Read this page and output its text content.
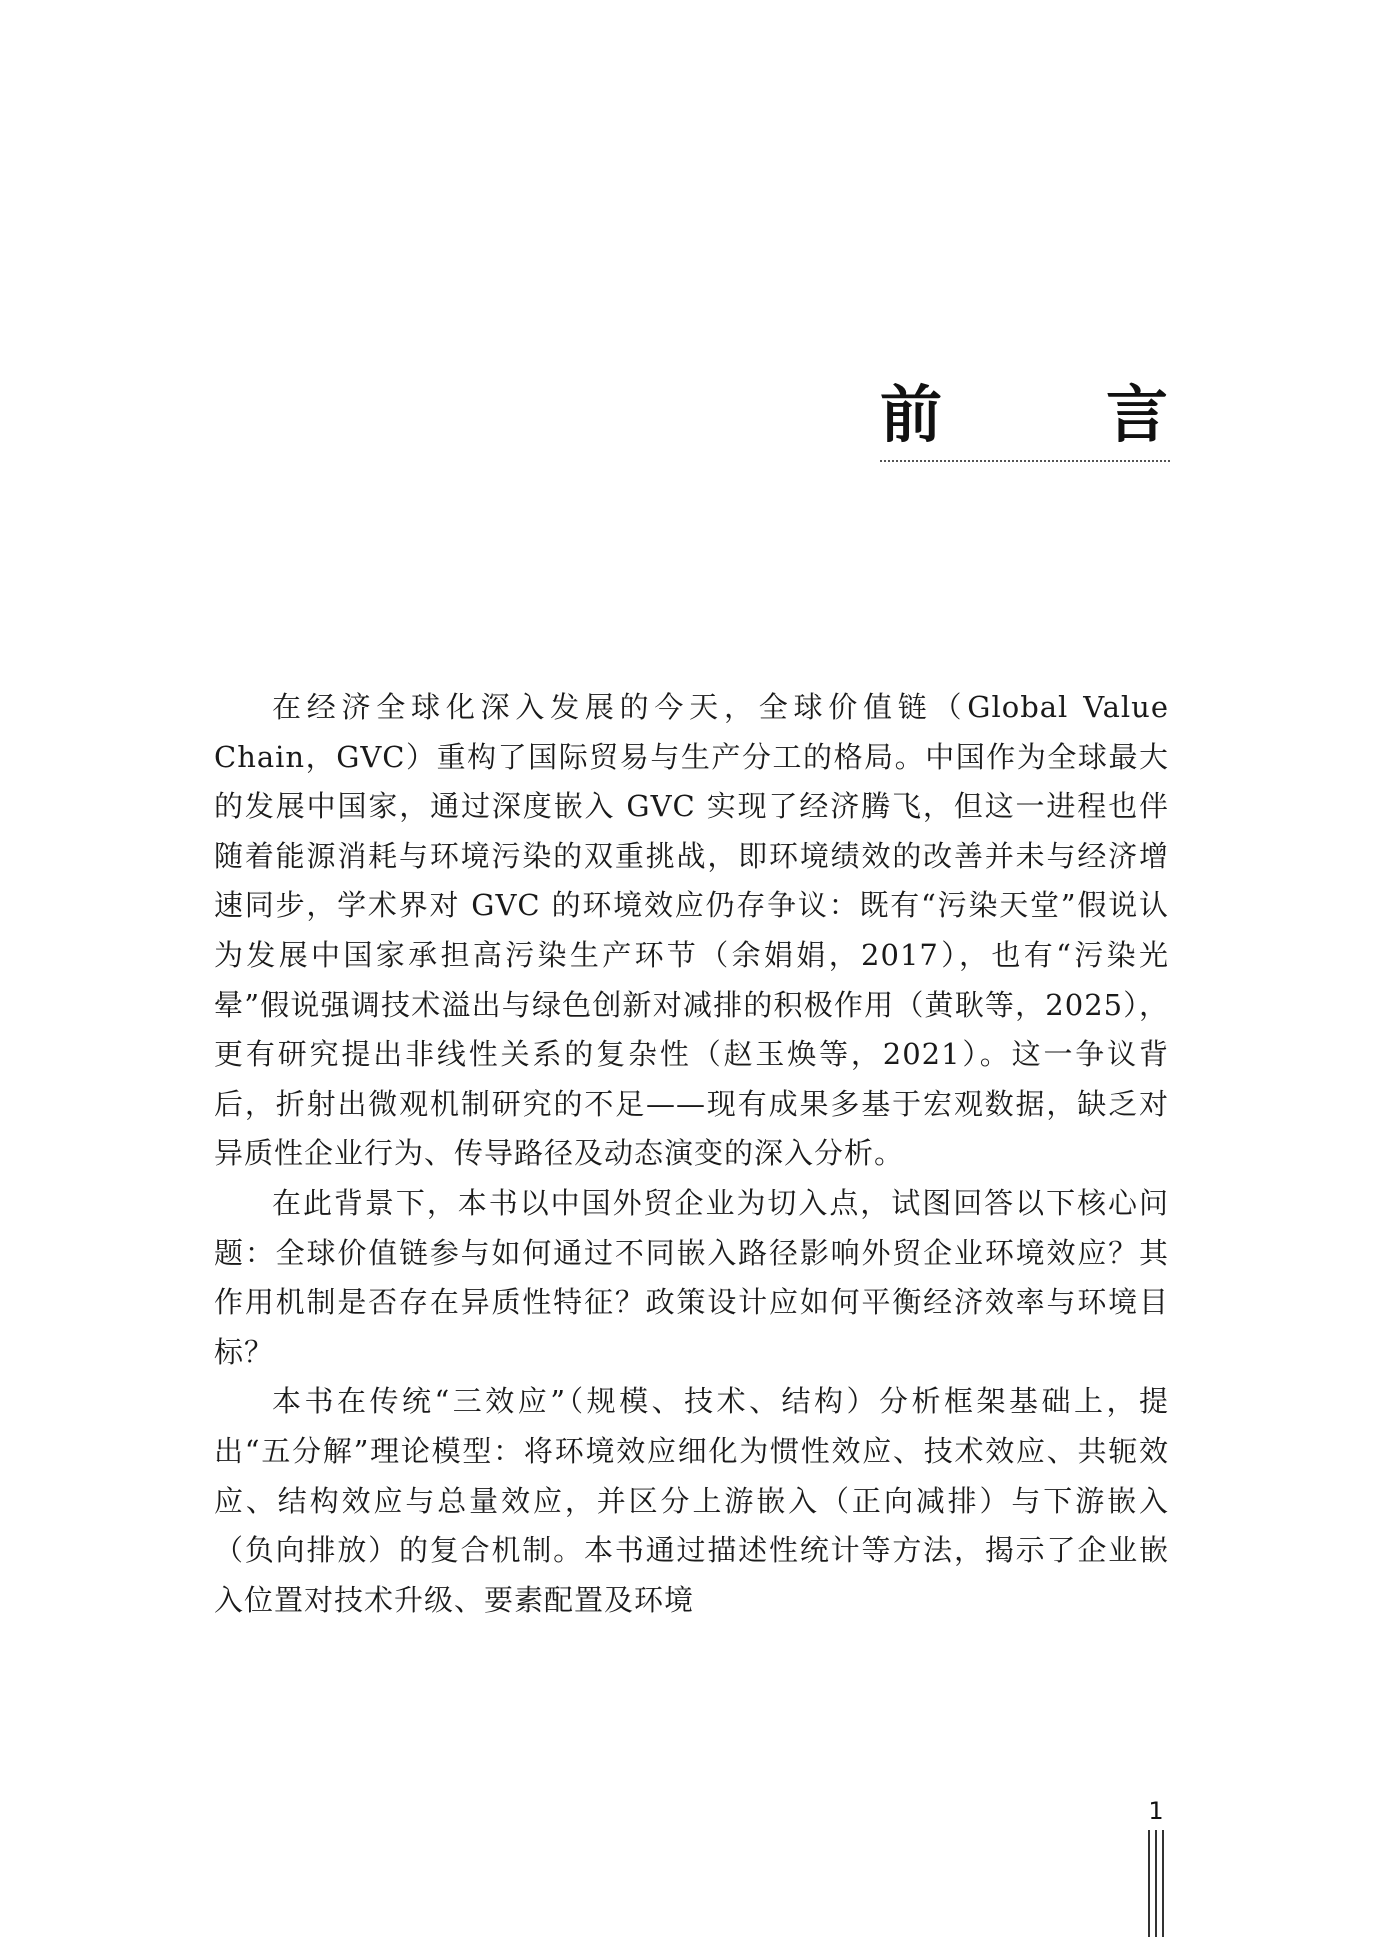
前	言

在经济全球化深入发展的今天，全球价值链（Global Value Chain，GVC）重构了国际贸易与生产分工的格局。中国作为全球最大的发展中国家，通过深度嵌入 GVC 实现了经济腾飞，但这一进程也伴随着能源消耗与环境污染的双重挑战，即环境绩效的改善并未与经济增速同步，学术界对 GVC 的环境效应仍存争议：既有“污染天堂”假说认为发展中国家承担高污染生产环节（余娟娟，2017），也有“污染光晕”假说强调技术溢出与绿色创新对减排的积极作用（黄耿等，2025），更有研究提出非线性关系的复杂性（赵玉焕等，2021）。这一争议背后，折射出微观机制研究的不足——现有成果多基于宏观数据，缺乏对异质性企业行为、传导路径及动态演变的深入分析。

在此背景下，本书以中国外贸企业为切入点，试图回答以下核心问题：全球价值链参与如何通过不同嵌入路径影响外贸企业环境效应？其作用机制是否存在异质性特征？政策设计应如何平衡经济效率与环境目标？

本书在传统“三效应”（规模、技术、结构）分析框架基础上，提出“五分解”理论模型：将环境效应细化为惯性效应、技术效应、共轭效应、结构效应与总量效应，并区分上游嵌入（正向减排）与下游嵌入（负向排放）的复合机制。本书通过描述性统计等方法，揭示了企业嵌入位置对技术升级、要素配置及环境

1
